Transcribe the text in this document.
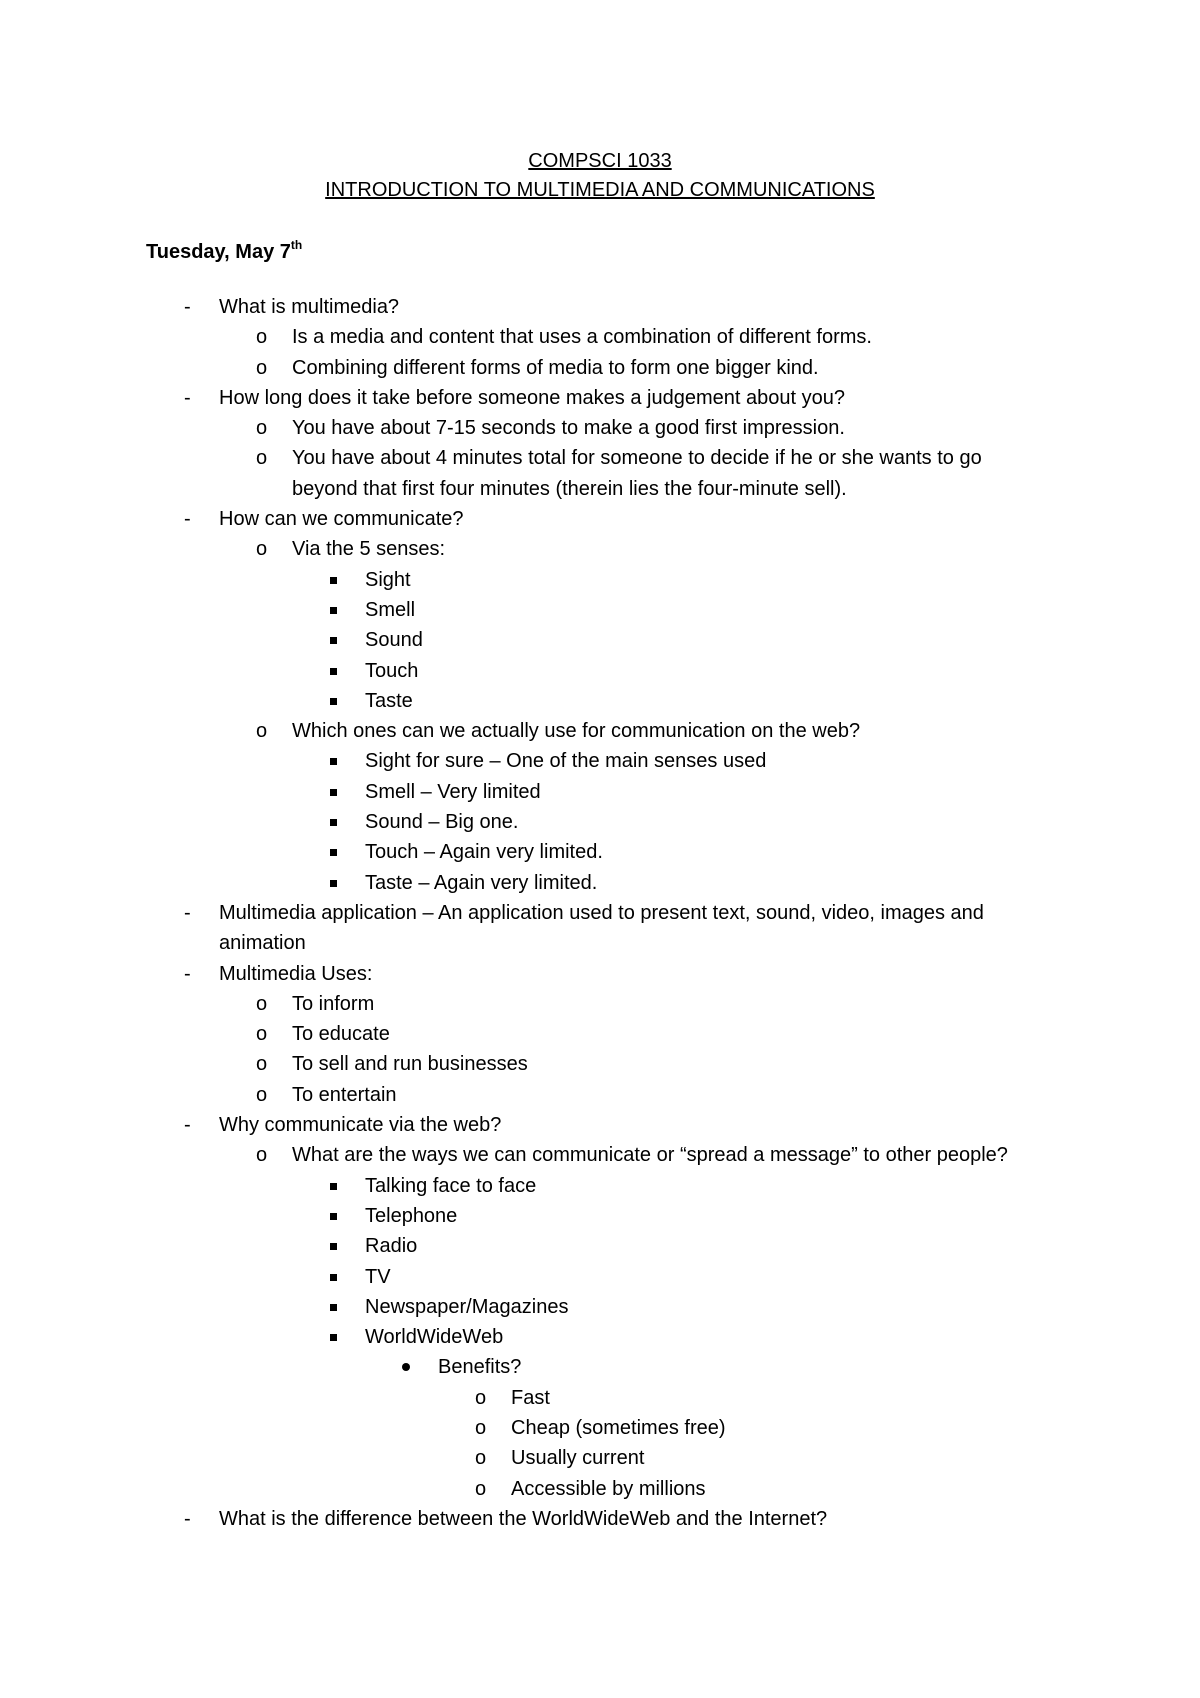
COMPSCI 1033
INTRODUCTION TO MULTIMEDIA AND COMMUNICATIONS
Tuesday, May 7th
- What is multimedia?
o Is a media and content that uses a combination of different forms.
o Combining different forms of media to form one bigger kind.
- How long does it take before someone makes a judgement about you?
o You have about 7-15 seconds to make a good first impression.
o You have about 4 minutes total for someone to decide if he or she wants to go beyond that first four minutes (therein lies the four-minute sell).
- How can we communicate?
o Via the 5 senses:
Sight
Smell
Sound
Touch
Taste
o Which ones can we actually use for communication on the web?
Sight for sure – One of the main senses used
Smell – Very limited
Sound – Big one.
Touch – Again very limited.
Taste – Again very limited.
- Multimedia application – An application used to present text, sound, video, images and animation
- Multimedia Uses:
o To inform
o To educate
o To sell and run businesses
o To entertain
- Why communicate via the web?
o What are the ways we can communicate or “spread a message” to other people?
Talking face to face
Telephone
Radio
TV
Newspaper/Magazines
WorldWideWeb
Benefits?
o Fast
o Cheap (sometimes free)
o Usually current
o Accessible by millions
- What is the difference between the WorldWideWeb and the Internet?
